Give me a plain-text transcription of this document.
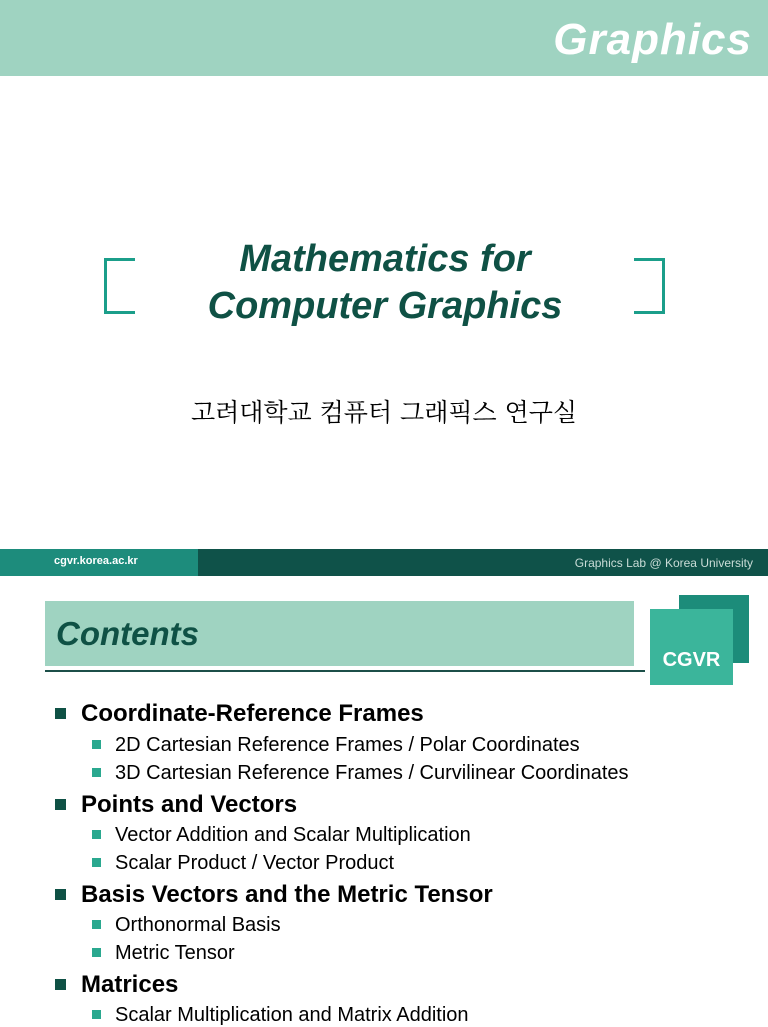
Graphics
Mathematics for
Computer Graphics
고려대학교 컴퓨터 그래픽스 연구실
cgvr.korea.ac.kr	Graphics Lab @ Korea University
Contents
CGVR
Coordinate-Reference Frames
2D Cartesian Reference Frames / Polar Coordinates
3D Cartesian Reference Frames / Curvilinear Coordinates
Points and Vectors
Vector Addition and Scalar Multiplication
Scalar Product / Vector Product
Basis Vectors and the Metric Tensor
Orthonormal Basis
Metric Tensor
Matrices
Scalar Multiplication and Matrix Addition
